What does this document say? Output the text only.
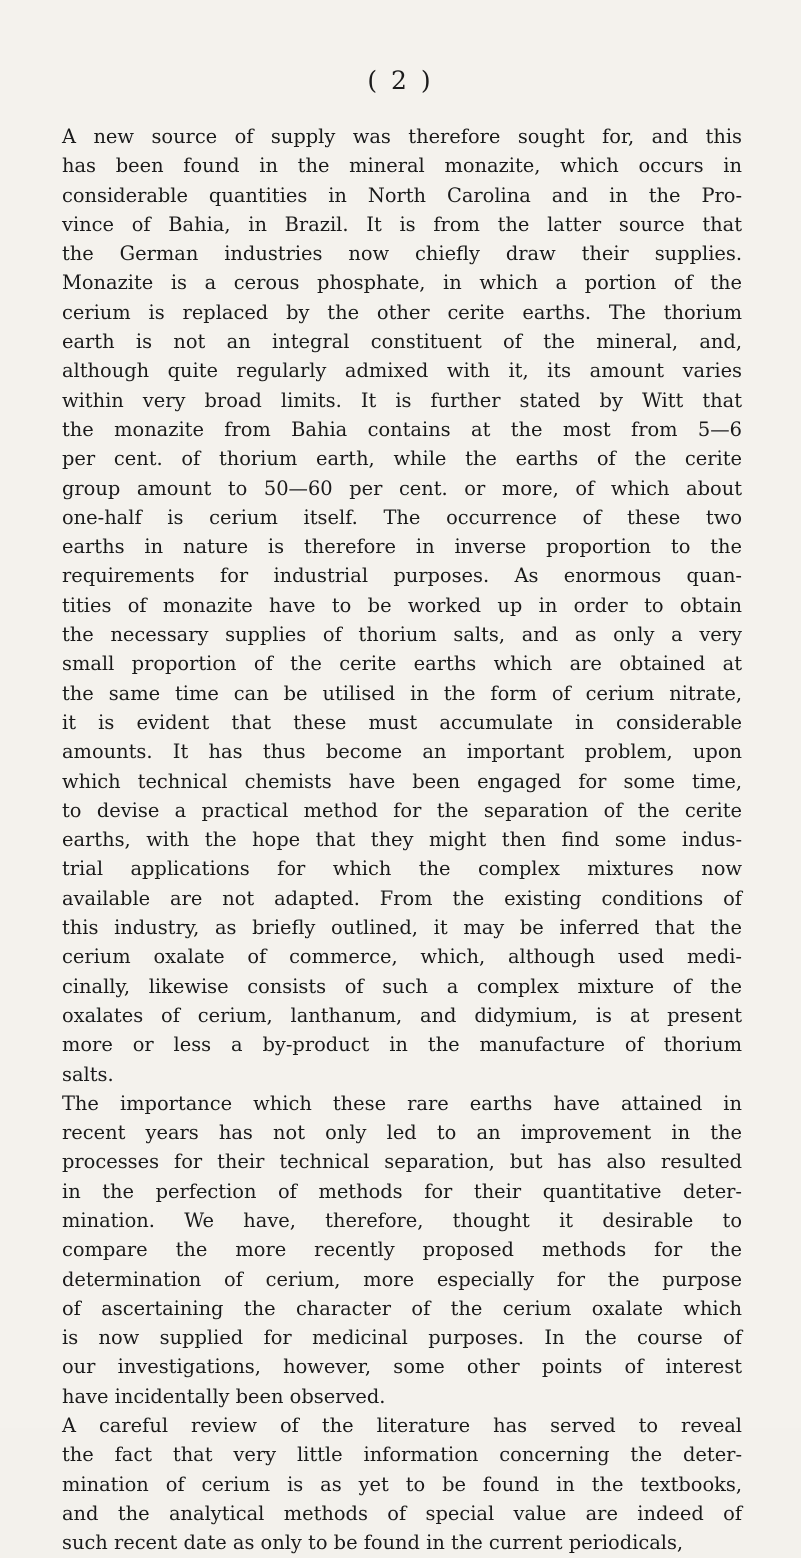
( 2 )
A new source of supply was therefore sought for, and this
has been found in the mineral monazite, which occurs in
considerable quantities in North Carolina and in the Pro-
vince of Bahia, in Brazil. It is from the latter source that
the German industries now chiefly draw their supplies.
Monazite is a cerous phosphate, in which a portion of the
cerium is replaced by the other cerite earths. The thorium
earth is not an integral constituent of the mineral, and,
although quite regularly admixed with it, its amount varies
within very broad limits. It is further stated by Witt that
the monazite from Bahia contains at the most from 5—6
per cent. of thorium earth, while the earths of the cerite
group amount to 50—60 per cent. or more, of which about
one-half is cerium itself. The occurrence of these two
earths in nature is therefore in inverse proportion to the
requirements for industrial purposes. As enormous quan-
tities of monazite have to be worked up in order to obtain
the necessary supplies of thorium salts, and as only a very
small proportion of the cerite earths which are obtained at
the same time can be utilised in the form of cerium nitrate,
it is evident that these must accumulate in considerable
amounts. It has thus become an important problem, upon
which technical chemists have been engaged for some time,
to devise a practical method for the separation of the cerite
earths, with the hope that they might then find some indus-
trial applications for which the complex mixtures now
available are not adapted. From the existing conditions of
this industry, as briefly outlined, it may be inferred that the
cerium oxalate of commerce, which, although used medi-
cinally, likewise consists of such a complex mixture of the
oxalates of cerium, lanthanum, and didymium, is at present
more or less a by-product in the manufacture of thorium
salts.
The importance which these rare earths have attained in
recent years has not only led to an improvement in the
processes for their technical separation, but has also resulted
in the perfection of methods for their quantitative deter-
mination. We have, therefore, thought it desirable to
compare the more recently proposed methods for the
determination of cerium, more especially for the purpose
of ascertaining the character of the cerium oxalate which
is now supplied for medicinal purposes. In the course of
our investigations, however, some other points of interest
have incidentally been observed.
A careful review of the literature has served to reveal
the fact that very little information concerning the deter-
mination of cerium is as yet to be found in the textbooks,
and the analytical methods of special value are indeed of
such recent date as only to be found in the current periodicals,
